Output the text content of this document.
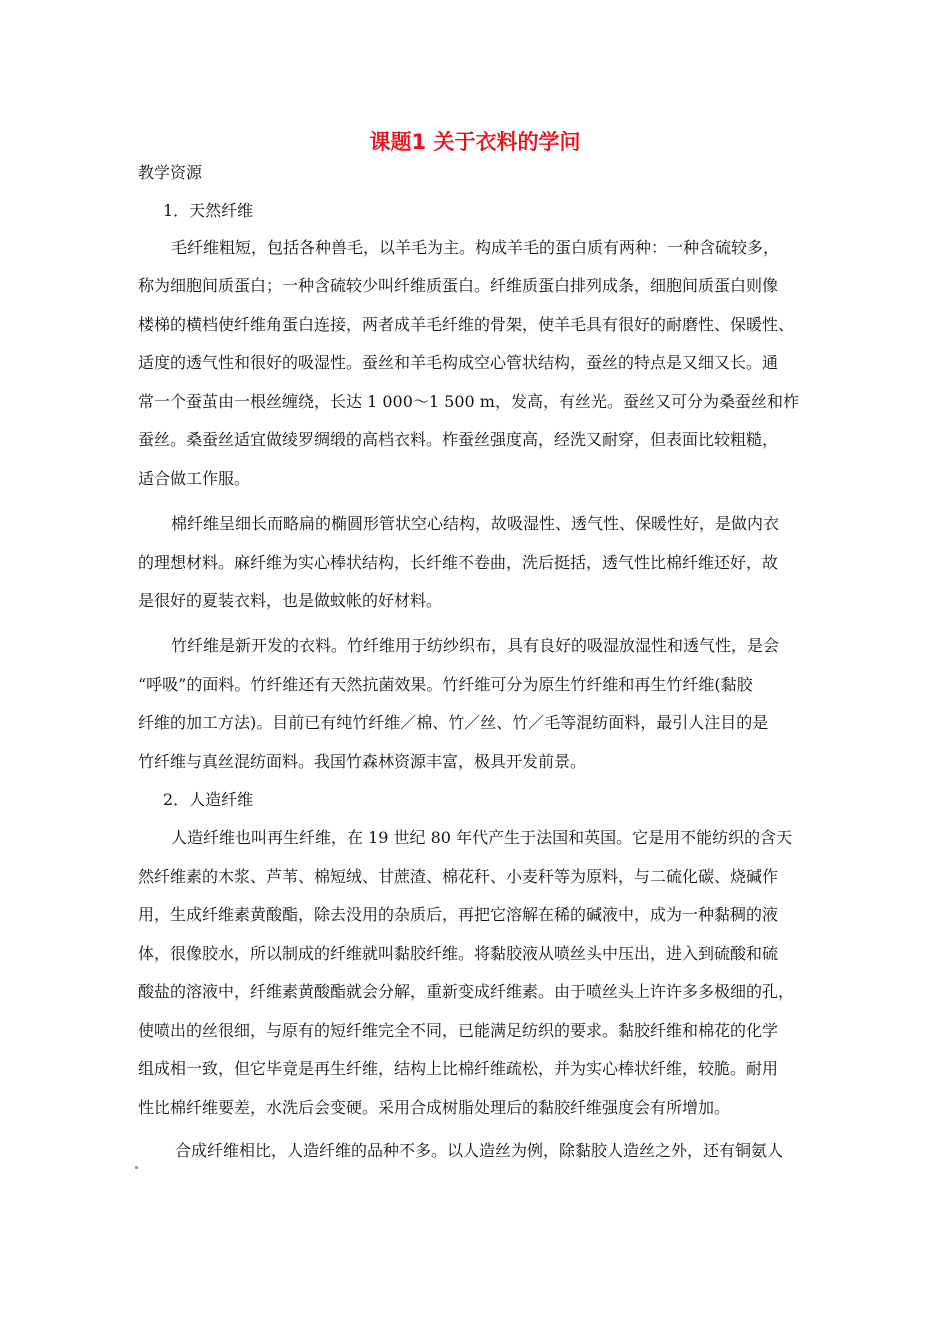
课题1 关于衣料的学问
教学资源
1．天然纤维
毛纤维粗短，包括各种兽毛，以羊毛为主。构成羊毛的蛋白质有两种：一种含硫较多，
称为细胞间质蛋白；一种含硫较少叫纤维质蛋白。纤维质蛋白排列成条，细胞间质蛋白则像
楼梯的横档使纤维角蛋白连接，两者成羊毛纤维的骨架，使羊毛具有很好的耐磨性、保暖性、
适度的透气性和很好的吸湿性。蚕丝和羊毛构成空心管状结构，蚕丝的特点是又细又长。通
常一个蚕茧由一根丝缠绕，长达 1 000～1 500 m，发高，有丝光。蚕丝又可分为桑蚕丝和柞
蚕丝。桑蚕丝适宜做绫罗绸缎的高档衣料。柞蚕丝强度高，经洗又耐穿，但表面比较粗糙，
适合做工作服。
棉纤维呈细长而略扁的椭圆形管状空心结构，故吸湿性、透气性、保暖性好，是做内衣
的理想材料。麻纤维为实心棒状结构，长纤维不卷曲，洗后挺括，透气性比棉纤维还好，故
是很好的夏装衣料，也是做蚊帐的好材料。
竹纤维是新开发的衣料。竹纤维用于纺纱织布，具有良好的吸湿放湿性和透气性，是会
“呼吸”的面料。竹纤维还有天然抗菌效果。竹纤维可分为原生竹纤维和再生竹纤维(黏胶
纤维的加工方法)。目前已有纯竹纤维／棉、竹／丝、竹／毛等混纺面料，最引人注目的是
竹纤维与真丝混纺面料。我国竹森林资源丰富，极具开发前景。
2．人造纤维
人造纤维也叫再生纤维，在 19 世纪 80 年代产生于法国和英国。它是用不能纺织的含天
然纤维素的木浆、芦苇、棉短绒、甘蔗渣、棉花秆、小麦秆等为原料，与二硫化碳、烧碱作
用，生成纤维素黄酸酯，除去没用的杂质后，再把它溶解在稀的碱液中，成为一种黏稠的液
体，很像胶水，所以制成的纤维就叫黏胶纤维。将黏胶液从喷丝头中压出，进入到硫酸和硫
酸盐的溶液中，纤维素黄酸酯就会分解，重新变成纤维素。由于喷丝头上许许多多极细的孔，
使喷出的丝很细，与原有的短纤维完全不同，已能满足纺织的要求。黏胶纤维和棉花的化学
组成相一致，但它毕竟是再生纤维，结构上比棉纤维疏松，并为实心棒状纤维，较脆。耐用
性比棉纤维要差，水洗后会变硬。采用合成树脂处理后的黏胶纤维强度会有所增加。
合成纤维相比，人造纤维的品种不多。以人造丝为例，除黏胶人造丝之外，还有铜氨人
